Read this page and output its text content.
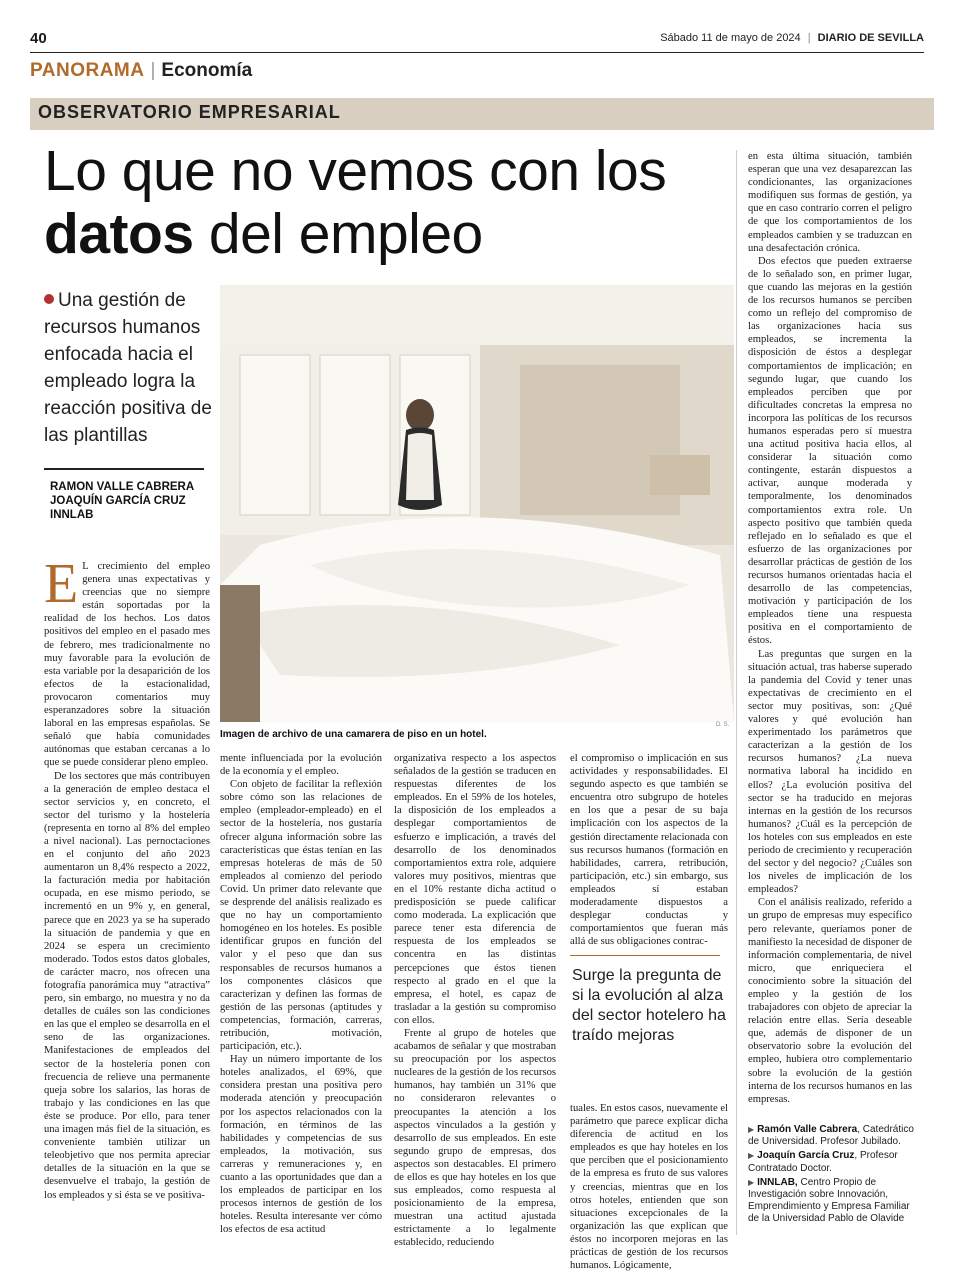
40	Sábado 11 de mayo de 2024 | DIARIO DE SEVILLA
PANORAMA | Economía
OBSERVATORIO EMPRESARIAL
Lo que no vemos con los datos del empleo
Una gestión de recursos humanos enfocada hacia el empleado logra la reacción positiva de las plantillas
RAMON VALLE CABRERA
JOAQUÍN GARCÍA CRUZ
INNLAB
D. S.
Imagen de archivo de una camarera de piso en un hotel.

E L crecimiento del empleo genera unas expectativas y creencias que no siempre están soportadas por la realidad de los hechos. Los datos positivos del empleo en el pasado mes de febrero, mes tradicionalmente no muy favorable para la evolución de esta variable por la desaparición de los efectos de la estacionalidad, provocaron comentarios muy esperanzadores sobre la situación laboral en las empresas españolas. Se señaló que había comunidades autónomas que estaban cercanas a lo que se puede considerar pleno empleo.

De los sectores que más contribuyen a la generación de empleo destaca el sector servicios y, en concreto, el sector del turismo y la hostelería (representa en torno al 8% del empleo a nivel nacional). Las pernoctaciones en el conjunto del año 2023 aumentaron un 8,4% respecto a 2022, la facturación media por habitación ocupada, en ese mismo periodo, se incrementó en un 9% y, en general, parece que en 2023 ya se ha superado la situación de pandemia y que en 2024 se espera un crecimiento moderado. Todos estos datos globales, de carácter macro, nos ofrecen una fotografía panorámica muy “atractiva” pero, sin embargo, no muestra y no da detalles de cuáles son las condiciones en las que el empleo se desarrolla en el seno de las organizaciones. Manifestaciones de empleados del sector de la hostelería ponen con frecuencia de relieve una permanente queja sobre los salarios, las horas de trabajo y las condiciones en las que éste se produce. Por ello, para tener una imagen más fiel de la situación, es conveniente también utilizar un teleobjetivo que nos permita apreciar detalles de la situación en la que se desenvuelve el trabajo, la gestión de los empleados y si ésta se ve positiva-

mente influenciada por la evolución de la economía y el empleo.

Con objeto de facilitar la reflexión sobre cómo son las relaciones de empleo (empleador-empleado) en el sector de la hostelería, nos gustaría ofrecer alguna información sobre las características que éstas tenían en las empresas hoteleras de más de 50 empleados al comienzo del periodo Covid. Un primer dato relevante que se desprende del análisis realizado es que no hay un comportamiento homogéneo en los hoteles. Es posible identificar grupos en función del valor y el peso que dan sus responsables de recursos humanos a los componentes clásicos que caracterizan y definen las formas de gestión de las personas (aptitudes y competencias, formación, carreras, retribución, motivación, participación, etc.).

Hay un número importante de los hoteles analizados, el 69%, que considera prestan una positiva pero moderada atención y preocupación por los aspectos relacionados con la formación, en términos de las habilidades y competencias de sus empleados, la motivación, sus carreras y remuneraciones y, en cuanto a las oportunidades que dan a los empleados de participar en los procesos internos de gestión de los hoteles. Resulta interesante ver cómo los efectos de esa actitud

organizativa respecto a los aspectos señalados de la gestión se traducen en respuestas diferentes de los empleados. En el 59% de los hoteles, la disposición de los empleados a desplegar comportamientos de esfuerzo e implicación, a través del desarrollo de los denominados comportamientos extra role, adquiere valores muy positivos, mientras que en el 10% restante dicha actitud o predisposición se puede calificar como moderada. La explicación que parece tener esta diferencia de respuesta de los empleados se concentra en las distintas percepciones que éstos tienen respecto al grado en el que la empresa, el hotel, es capaz de trasladar a la gestión su compromiso con ellos.

Frente al grupo de hoteles que acabamos de señalar y que mostraban su preocupación por los aspectos nucleares de la gestión de los recursos humanos, hay también un 31% que no consideraron relevantes o preocupantes la atención a los aspectos vinculados a la gestión y desarrollo de sus empleados. En este segundo grupo de empresas, dos aspectos son destacables. El primero de ellos es que hay hoteles en los que sus empleados, como respuesta al posicionamiento de la empresa, muestran una actitud ajustada estrictamente a lo legalmente establecido, reduciendo

el compromiso o implicación en sus actividades y responsabilidades. El segundo aspecto es que también se encuentra otro subgrupo de hoteles en los que a pesar de su baja implicación con los aspectos de la gestión directamente relacionada con sus recursos humanos (formación en habilidades, carrera, retribución, participación, etc.) sin embargo, sus empleados sí estaban moderadamente dispuestos a desplegar conductas y comportamientos que fueran más allá de sus obligaciones contrac-

Surge la pregunta de si la evolución al alza del sector hotelero ha traído mejoras

tuales. En estos casos, nuevamente el parámetro que parece explicar dicha diferencia de actitud en los empleados es que hay hoteles en los que perciben que el posicionamiento de la empresa es fruto de sus valores y creencias, mientras que en los otros hoteles, entienden que son situaciones excepcionales de la organización las que explican que éstos no incorporen mejoras en las prácticas de gestión de los recursos humanos. Lógicamente,

en esta última situación, también esperan que una vez desaparezcan las condicionantes, las organizaciones modifiquen sus formas de gestión, ya que en caso contrario corren el peligro de que los comportamientos de los empleados cambien y se traduzcan en una desafectación crónica.

Dos efectos que pueden extraerse de lo señalado son, en primer lugar, que cuando las mejoras en la gestión de los recursos humanos se perciben como un reflejo del compromiso de las organizaciones hacia sus empleados, se incrementa la disposición de éstos a desplegar comportamientos de implicación; en segundo lugar, que cuando los empleados perciben que por dificultades concretas la empresa no incorpora las políticas de los recursos humanos esperadas pero sí muestra una actitud positiva hacia ellos, al considerar la situación como contingente, estarán dispuestos a activar, aunque moderada y temporalmente, los denominados comportamientos extra role. Un aspecto positivo que también queda reflejado en lo señalado es que el esfuerzo de las organizaciones por desarrollar prácticas de gestión de los recursos humanos orientadas hacia el desarrollo de las competencias, motivación y participación de los empleados tiene una respuesta positiva en el comportamiento de éstos.

Las preguntas que surgen en la situación actual, tras haberse superado la pandemia del Covid y tener unas expectativas de crecimiento en el sector muy positivas, son: ¿Qué valores y qué evolución han experimentado los parámetros que caracterizan a la gestión de los recursos humanos? ¿La nueva normativa laboral ha incidido en ellos? ¿La evolución positiva del sector se ha traducido en mejoras internas en la gestión de los recursos humanos? ¿Cuál es la percepción de los hoteles con sus empleados en este periodo de crecimiento y recuperación del sector y del negocio? ¿Cuáles son los niveles de implicación de los empleados?

Con el análisis realizado, referido a un grupo de empresas muy específico pero relevante, queríamos poner de manifiesto la necesidad de disponer de información complementaria, de nivel micro, que enriqueciera el conocimiento sobre la situación del empleo y la gestión de los trabajadores con objeto de apreciar la relación entre ellas. Sería deseable que, además de disponer de un observatorio sobre la evolución del empleo, hubiera otro complementario sobre la evolución de la gestión interna de los recursos humanos en las empresas.

▶ Ramón Valle Cabrera, Catedrático de Universidad. Profesor Jubilado.

▶ Joaquín García Cruz, Profesor Contratado Doctor.

▶ INNLAB, Centro Propio de Investigación sobre Innovación, Emprendimiento y Empresa Familiar de la Universidad Pablo de Olavide
